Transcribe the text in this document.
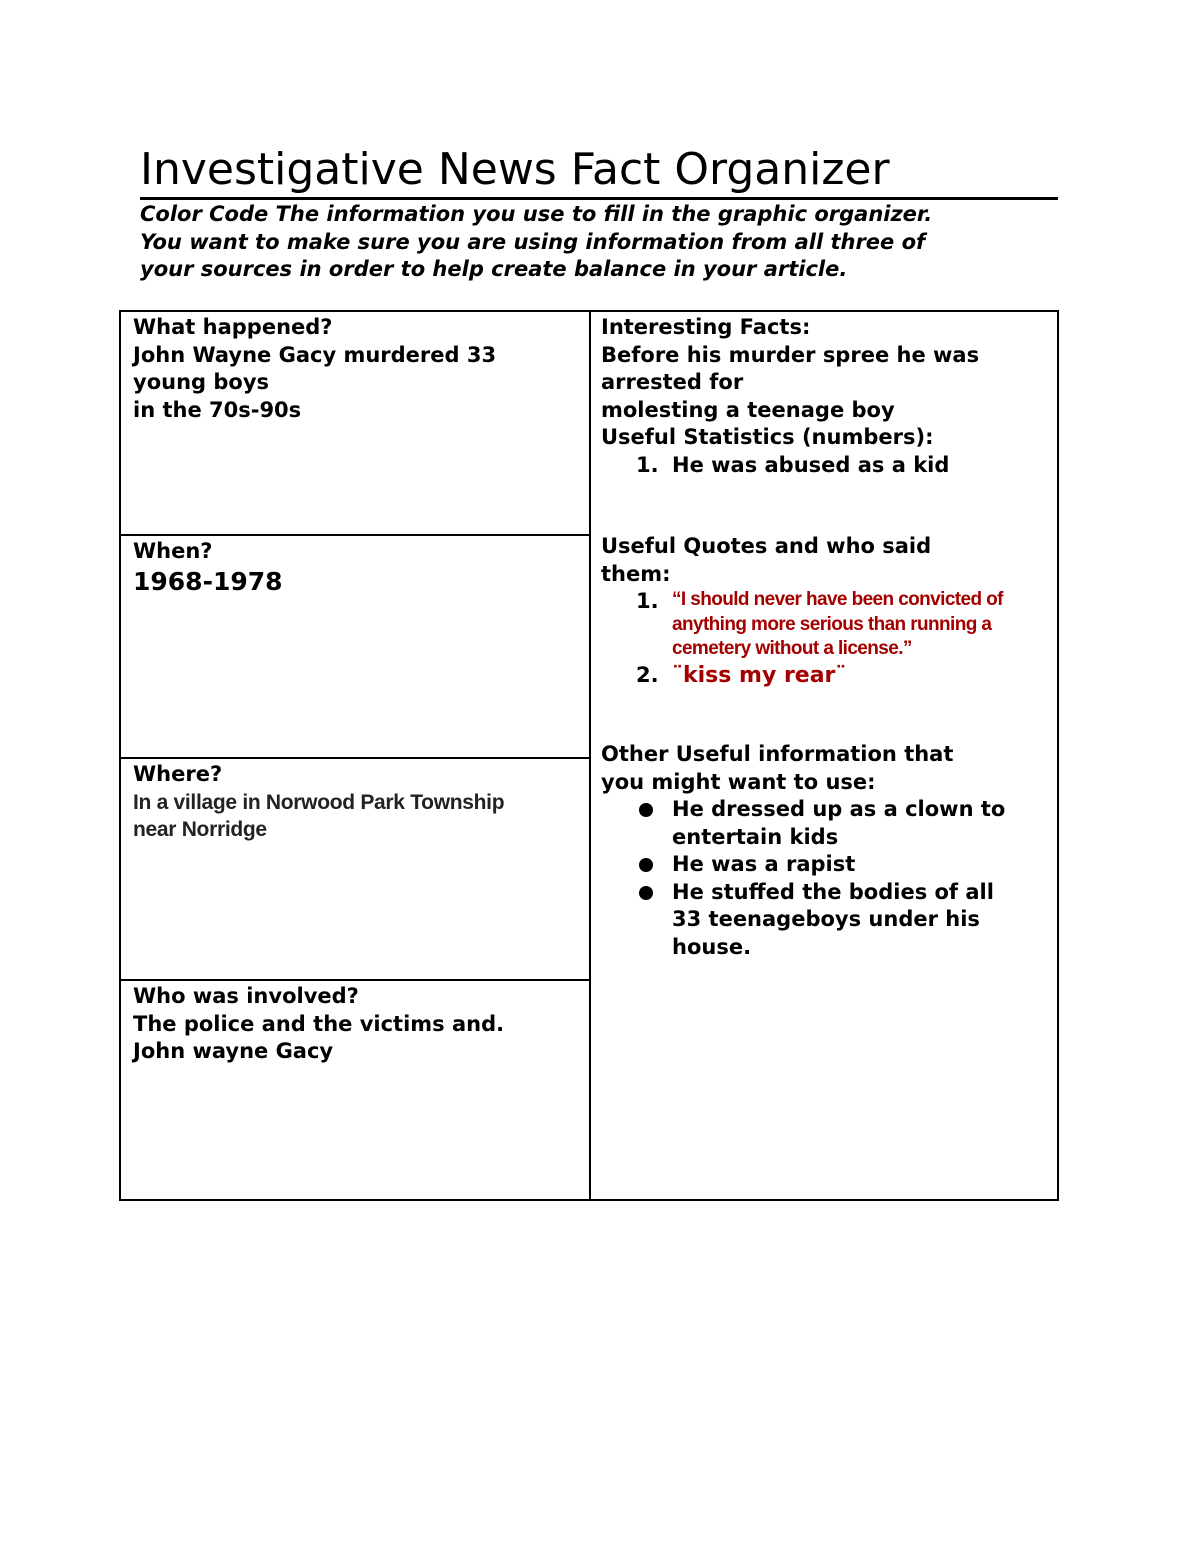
Investigative News Fact Organizer
Color Code The information you use to fill in the graphic organizer.
You want to make sure you are using information from all three of
your sources in order to help create balance in your article.
What happened?
John Wayne Gacy murdered 33
young boys
in the 70s-90s
When?
1968-1978
Where?
In a village in Norwood Park Township
near Norridge
Who was involved?
The police and the victims and.
John wayne Gacy
Interesting Facts:
Before his murder spree he was
arrested for
molesting a teenage boy
Useful Statistics (numbers):
1. He was abused as a kid
Useful Quotes and who said
them:
1. “I should never have been convicted of
anything more serious than running a
cemetery without a license.”
2. ¨kiss my rear¨
Other Useful information that
you might want to use:
He dressed up as a clown to
entertain kids
He was a rapist
He stuffed the bodies of all
33 teenageboys under his
house.
